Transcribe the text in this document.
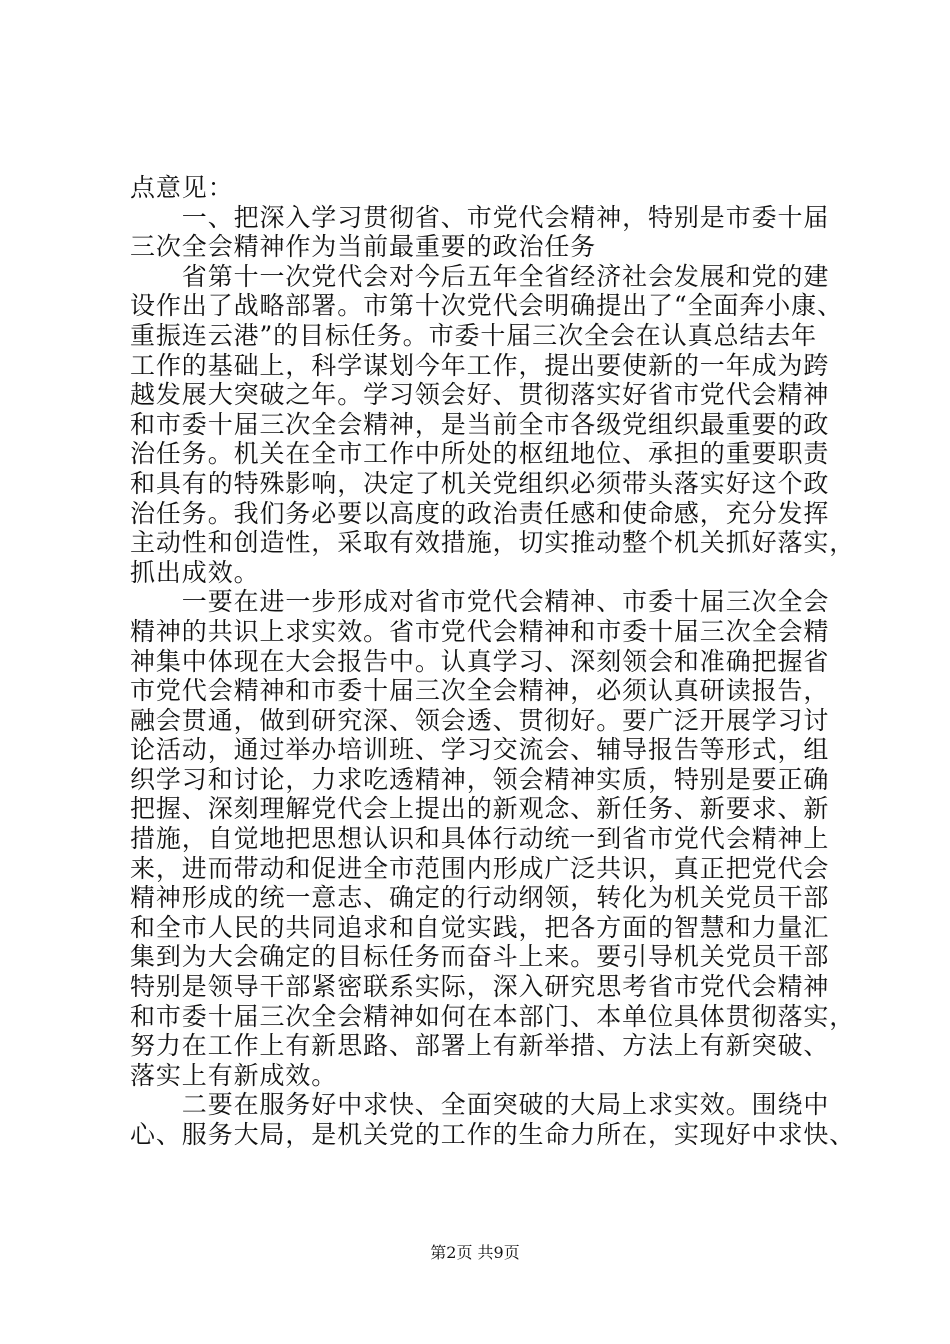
点意见：
　　一、把深入学习贯彻省、市党代会精神，特别是市委十届
三次全会精神作为当前最重要的政治任务
　　省第十一次党代会对今后五年全省经济社会发展和党的建
设作出了战略部署。市第十次党代会明确提出了“全面奔小康、
重振连云港”的目标任务。市委十届三次全会在认真总结去年
工作的基础上，科学谋划今年工作，提出要使新的一年成为跨
越发展大突破之年。学习领会好、贯彻落实好省市党代会精神
和市委十届三次全会精神，是当前全市各级党组织最重要的政
治任务。机关在全市工作中所处的枢纽地位、承担的重要职责
和具有的特殊影响，决定了机关党组织必须带头落实好这个政
治任务。我们务必要以高度的政治责任感和使命感，充分发挥
主动性和创造性，采取有效措施，切实推动整个机关抓好落实，
抓出成效。
　　一要在进一步形成对省市党代会精神、市委十届三次全会
精神的共识上求实效。省市党代会精神和市委十届三次全会精
神集中体现在大会报告中。认真学习、深刻领会和准确把握省
市党代会精神和市委十届三次全会精神，必须认真研读报告，
融会贯通，做到研究深、领会透、贯彻好。要广泛开展学习讨
论活动，通过举办培训班、学习交流会、辅导报告等形式，组
织学习和讨论，力求吃透精神，领会精神实质，特别是要正确
把握、深刻理解党代会上提出的新观念、新任务、新要求、新
措施，自觉地把思想认识和具体行动统一到省市党代会精神上
来，进而带动和促进全市范围内形成广泛共识，真正把党代会
精神形成的统一意志、确定的行动纲领，转化为机关党员干部
和全市人民的共同追求和自觉实践，把各方面的智慧和力量汇
集到为大会确定的目标任务而奋斗上来。要引导机关党员干部
特别是领导干部紧密联系实际，深入研究思考省市党代会精神
和市委十届三次全会精神如何在本部门、本单位具体贯彻落实，
努力在工作上有新思路、部署上有新举措、方法上有新突破、
落实上有新成效。
　　二要在服务好中求快、全面突破的大局上求实效。围绕中
心、服务大局，是机关党的工作的生命力所在，实现好中求快、
第2页 共9页
